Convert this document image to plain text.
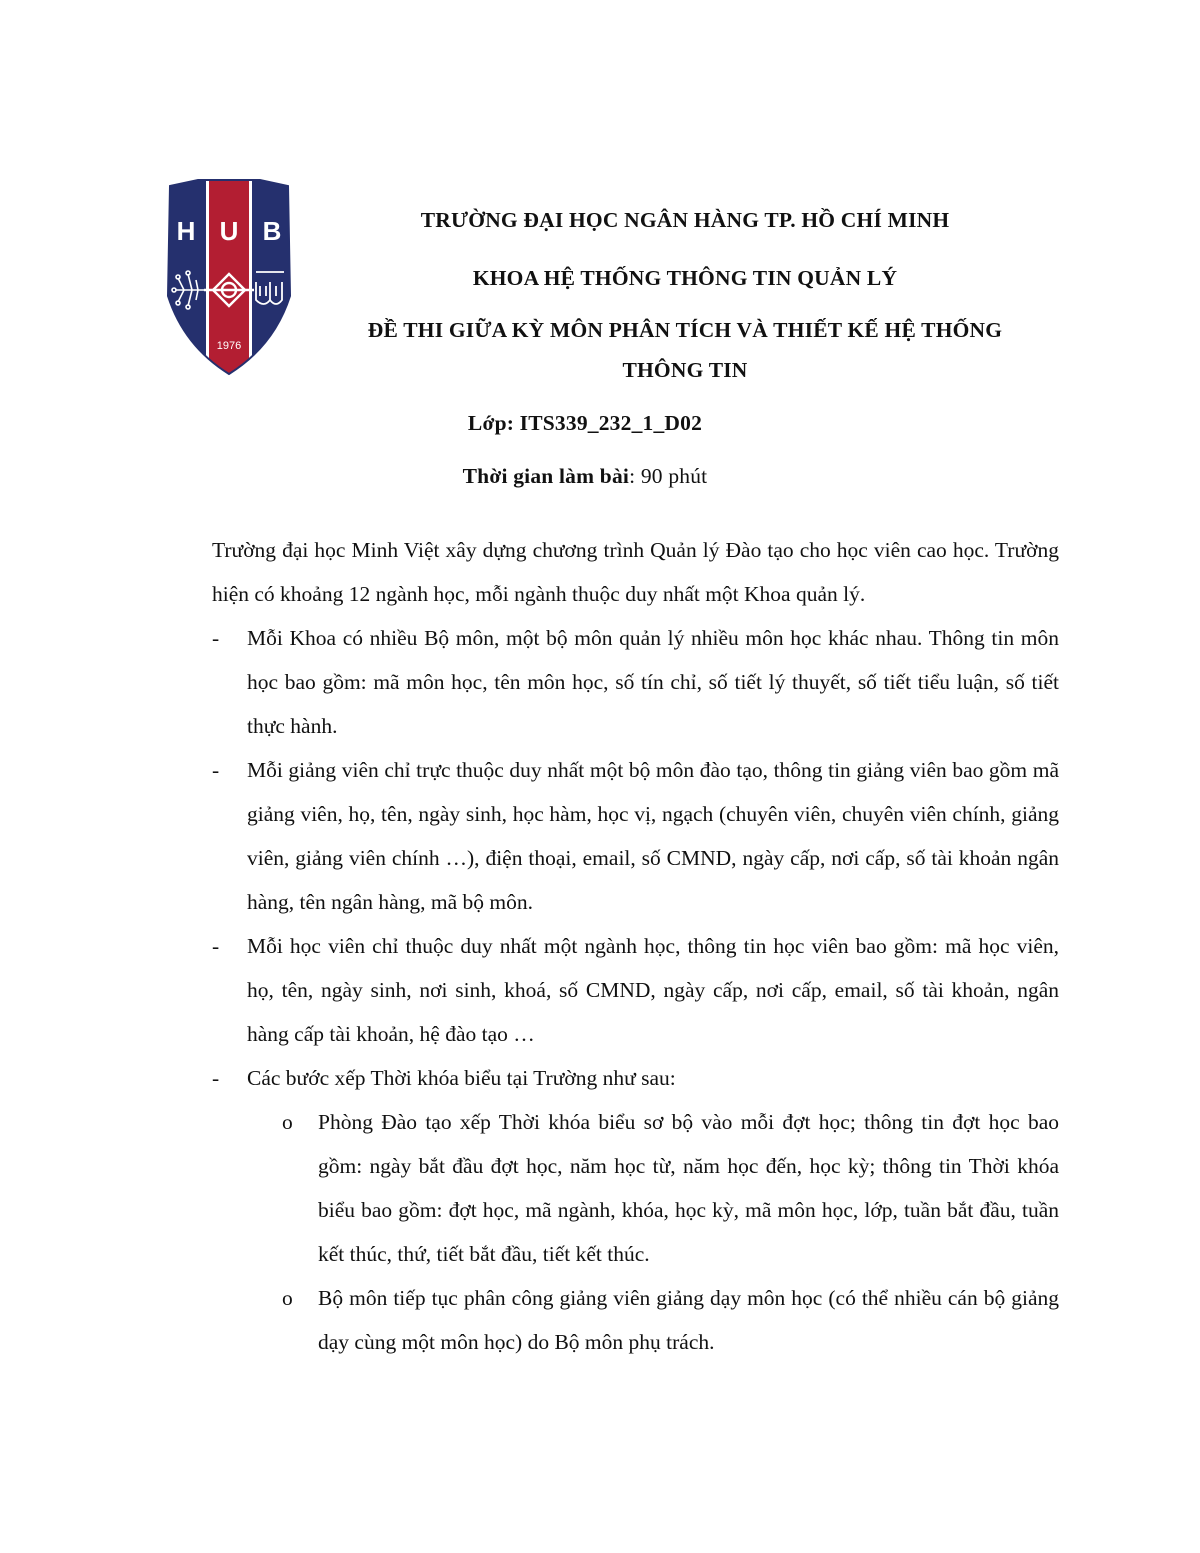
H U B
1976
TRƯỜNG ĐẠI HỌC NGÂN HÀNG TP. HỒ CHÍ MINH
KHOA HỆ THỐNG THÔNG TIN QUẢN LÝ
ĐỀ THI GIỮA KỲ MÔN PHÂN TÍCH VÀ THIẾT KẾ HỆ THỐNG
THÔNG TIN
Lớp: ITS339_232_1_D02
Thời gian làm bài: 90 phút

Trường đại học Minh Việt xây dựng chương trình Quản lý Đào tạo cho học viên cao học. Trường hiện có khoảng 12 ngành học, mỗi ngành thuộc duy nhất một Khoa quản lý.

- Mỗi Khoa có nhiều Bộ môn, một bộ môn quản lý nhiều môn học khác nhau. Thông tin môn học bao gồm: mã môn học, tên môn học, số tín chỉ, số tiết lý thuyết, số tiết tiểu luận, số tiết thực hành.
- Mỗi giảng viên chỉ trực thuộc duy nhất một bộ môn đào tạo, thông tin giảng viên bao gồm mã giảng viên, họ, tên, ngày sinh, học hàm, học vị, ngạch (chuyên viên, chuyên viên chính, giảng viên, giảng viên chính …), điện thoại, email, số CMND, ngày cấp, nơi cấp, số tài khoản ngân hàng, tên ngân hàng, mã bộ môn.
- Mỗi học viên chỉ thuộc duy nhất một ngành học, thông tin học viên bao gồm: mã học viên, họ, tên, ngày sinh, nơi sinh, khoá, số CMND, ngày cấp, nơi cấp, email, số tài khoản, ngân hàng cấp tài khoản, hệ đào tạo …
- Các bước xếp Thời khóa biểu tại Trường như sau:
o Phòng Đào tạo xếp Thời khóa biểu sơ bộ vào mỗi đợt học; thông tin đợt học bao gồm: ngày bắt đầu đợt học, năm học từ, năm học đến, học kỳ; thông tin Thời khóa biểu bao gồm: đợt học, mã ngành, khóa, học kỳ, mã môn học, lớp, tuần bắt đầu, tuần kết thúc, thứ, tiết bắt đầu, tiết kết thúc.
o Bộ môn tiếp tục phân công giảng viên giảng dạy môn học (có thể nhiều cán bộ giảng dạy cùng một môn học) do Bộ môn phụ trách.
